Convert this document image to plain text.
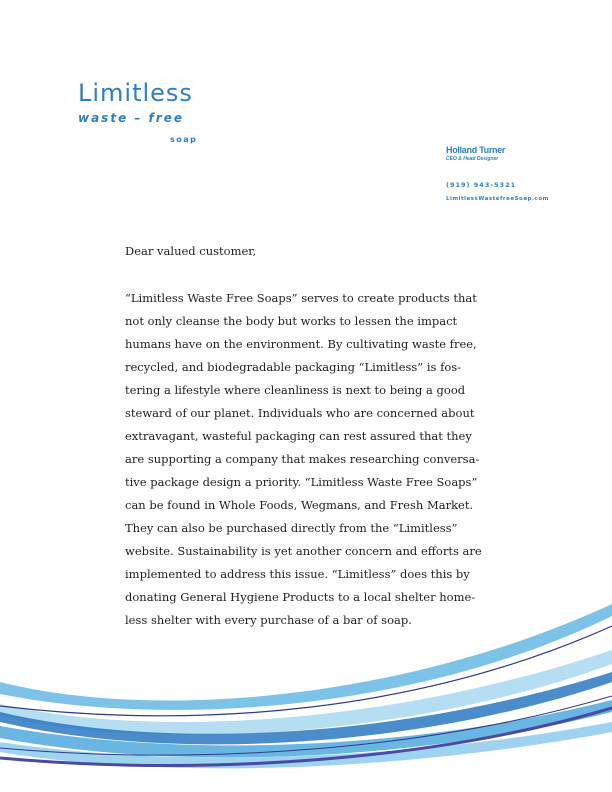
Limitless
waste – free
soap
Holland Turner
CEO & Head Designer
(919) 943-5321
LimitlessWastefreeSoap.com
Dear valued customer,
“Limitless Waste Free Soaps” serves to create products that
not only cleanse the body but works to lessen the impact
humans have on the environment. By cultivating waste free,
recycled, and biodegradable packaging “Limitless” is fos-
tering a lifestyle where cleanliness is next to being a good
steward of our planet. Individuals who are concerned about
extravagant, wasteful packaging can rest assured that they
are supporting a company that makes researching conversa-
tive package design a priority. “Limitless Waste Free Soaps”
can be found in Whole Foods, Wegmans, and Fresh Market.
They can also be purchased directly from the “Limitless”
website. Sustainability is yet another concern and efforts are
implemented to address this issue. “Limitless” does this by
donating General Hygiene Products to a local shelter home-
less shelter with every purchase of a bar of soap.
